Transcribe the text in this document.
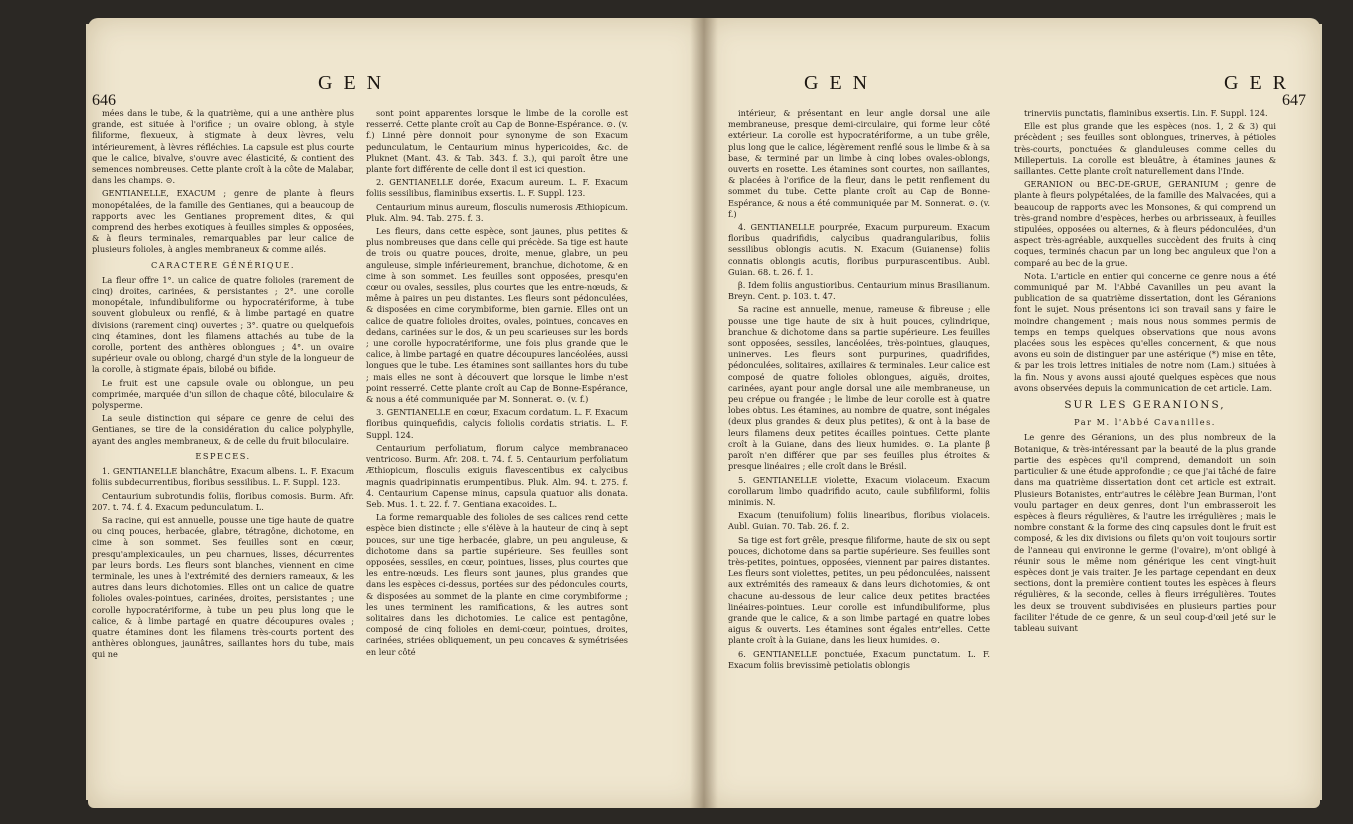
646
G E N

mées dans le tube, & la quatrième, qui a une anthère plus grande, est située à l'orifice ; un ovaire oblong, à style filiforme, flexueux, à stigmate à deux lèvres, velu intérieurement, à lèvres réfléchies. La capsule est plus courte que le calice, bivalve, s'ouvre avec élasticité, & contient des semences nombreuses. Cette plante croît à la côte de Malabar, dans les champs. ⊙.

GENTIANELLE, EXACUM ; genre de plante à fleurs monopétalées, de la famille des Gentianes, qui a beaucoup de rapports avec les Gentianes proprement dites, & qui comprend des herbes exotiques à feuilles simples & opposées, & à fleurs terminales, remarquables par leur calice de plusieurs folioles, à angles membraneux & comme ailés.

CARACTERE GÉNÉRIQUE.

La fleur offre 1°. un calice de quatre folioles (rarement de cinq) droites, carinées, & persistantes ; 2°. une corolle monopétale, infundibuliforme ou hypocratériforme, à tube souvent globuleux ou renflé, & à limbe partagé en quatre divisions (rarement cinq) ouvertes ; 3°. quatre ou quelquefois cinq étamines, dont les filamens attachés au tube de la corolle, portent des anthères oblongues ; 4°. un ovaire supérieur ovale ou oblong, chargé d'un style de la longueur de la corolle, à stigmate épais, bilobé ou bifide.

Le fruit est une capsule ovale ou oblongue, un peu comprimée, marquée d'un sillon de chaque côté, biloculaire & polysperme.

La seule distinction qui sépare ce genre de celui des Gentianes, se tire de la considération du calice polyphylle, ayant des angles membraneux, & de celle du fruit biloculaire.

ESPECES.

1. GENTIANELLE blanchâtre, Exacum albens. L. F. Exacum foliis subdecurrentibus, floribus sessilibus. L. F. Suppl. 123.

Centaurium subrotundis foliis, floribus comosis. Burm. Afr. 207. t. 74. f. 4. Exacum pedunculatum. L.

Sa racine, qui est annuelle, pousse une tige haute de quatre ou cinq pouces, herbacée, glabre, tétragône, dichotome, en cime à son sommet. Ses feuilles sont en cœur, presqu'amplexicaules, un peu charnues, lisses, décurrentes par leurs bords. Les fleurs sont blanches, viennent en cime terminale, les unes à l'extrémité des derniers rameaux, & les autres dans leurs dichotomies. Elles ont un calice de quatre folioles ovales-pointues, carinées, droites, persistantes ; une corolle hypocratériforme, à tube un peu plus long que le calice, & à limbe partagé en quatre découpures ovales ; quatre étamines dont les filamens très-courts portent des anthères oblongues, jaunâtres, saillantes hors du tube, mais qui ne

sont point apparentes lorsque le limbe de la corolle est resserré. Cette plante croît au Cap de Bonne-Espérance. ⊙. (v. f.) Linné père donnoit pour synonyme de son Exacum pedunculatum, le Centaurium minus hypericoides, &c. de Pluknet (Mant. 43. & Tab. 343. f. 3.), qui paroît être une plante fort différente de celle dont il est ici question.

2. GENTIANELLE dorée, Exacum aureum. L. F. Exacum foliis sessilibus, flaminibus exsertis. L. F. Suppl. 123.

Centaurium minus aureum, flosculis numerosis Æthiopicum. Pluk. Alm. 94. Tab. 275. f. 3.

Les fleurs, dans cette espèce, sont jaunes, plus petites & plus nombreuses que dans celle qui précède. Sa tige est haute de trois ou quatre pouces, droite, menue, glabre, un peu anguleuse, simple inférieurement, branchue, dichotome, & en cime à son sommet. Les feuilles sont opposées, presqu'en cœur ou ovales, sessiles, plus courtes que les entre-nœuds, & même à paires un peu distantes. Les fleurs sont pédonculées, & disposées en cime corymbiforme, bien garnie. Elles ont un calice de quatre folioles droites, ovales, pointues, concaves en dedans, carinées sur le dos, & un peu scarieuses sur les bords ; une corolle hypocratériforme, une fois plus grande que le calice, à limbe partagé en quatre découpures lancéolées, aussi longues que le tube. Les étamines sont saillantes hors du tube ; mais elles ne sont à découvert que lorsque le limbe n'est point resserré. Cette plante croît au Cap de Bonne-Espérance, & nous a été communiquée par M. Sonnerat. ⊙. (v. f.)

3. GENTIANELLE en cœur, Exacum cordatum. L. F. Exacum floribus quinquefidis, calycis foliolis cordatis striatis. L. F. Suppl. 124.

Centaurium perfoliatum, florum calyce membranaceo ventricoso. Burm. Afr. 208. t. 74. f. 5. Centaurium perfoliatum Æthiopicum, flosculis exiguis flavescentibus ex calycibus magnis quadripinnatis erumpentibus. Pluk. Alm. 94. t. 275. f. 4. Centaurium Capense minus, capsula quatuor alis donata. Seb. Mus. 1. t. 22. f. 7. Gentiana exacoides. L.

La forme remarquable des folioles de ses calices rend cette espèce bien distincte ; elle s'élève à la hauteur de cinq à sept pouces, sur une tige herbacée, glabre, un peu anguleuse, & dichotome dans sa partie supérieure. Ses feuilles sont opposées, sessiles, en cœur, pointues, lisses, plus courtes que les entre-nœuds. Les fleurs sont jaunes, plus grandes que dans les espèces ci-dessus, portées sur des pédoncules courts, & disposées au sommet de la plante en cime corymbiforme ; les unes terminent les ramifications, & les autres sont solitaires dans les dichotomies. Le calice est pentagône, composé de cinq folioles en demi-cœur, pointues, droites, carinées, striées obliquement, un peu concaves & symétrisées en leur côté

G E N	G E R
647

intérieur, & présentant en leur angle dorsal une aile membraneuse, presque demi-circulaire, qui forme leur côté extérieur. La corolle est hypocratériforme, a un tube grêle, plus long que le calice, légèrement renflé sous le limbe & à sa base, & terminé par un limbe à cinq lobes ovales-oblongs, ouverts en rosette. Les étamines sont courtes, non saillantes, & placées à l'orifice de la fleur, dans le petit renflement du sommet du tube. Cette plante croît au Cap de Bonne-Espérance, & nous a été communiquée par M. Sonnerat. ⊙. (v. f.)

4. GENTIANELLE pourprée, Exacum purpureum. Exacum floribus quadrifidis, calycibus quadrangularibus, foliis sessilibus oblongis acutis. N. Exacum (Guianense) foliis connatis oblongis acutis, floribus purpurascentibus. Aubl. Guian. 68. t. 26. f. 1.

β. Idem foliis angustioribus. Centaurium minus Brasilianum. Breyn. Cent. p. 103. t. 47.

Sa racine est annuelle, menue, rameuse & fibreuse ; elle pousse une tige haute de six à huit pouces, cylindrique, branchue & dichotome dans sa partie supérieure. Les feuilles sont opposées, sessiles, lancéolées, très-pointues, glauques, uninerves. Les fleurs sont purpurines, quadrifides, pédonculées, solitaires, axillaires & terminales. Leur calice est composé de quatre folioles oblongues, aiguës, droites, carinées, ayant pour angle dorsal une aile membraneuse, un peu crépue ou frangée ; le limbe de leur corolle est à quatre lobes obtus. Les étamines, au nombre de quatre, sont inégales (deux plus grandes & deux plus petites), & ont à la base de leurs filamens deux petites écailles pointues. Cette plante croît à la Guiane, dans des lieux humides. ⊙. La plante β paroît n'en différer que par ses feuilles plus étroites & presque linéaires ; elle croît dans le Brésil.

5. GENTIANELLE violette, Exacum violaceum. Exacum corollarum limbo quadrifido acuto, caule subfiliformi, foliis minimis. N.

Exacum (tenuifolium) foliis linearibus, floribus violaceis. Aubl. Guian. 70. Tab. 26. f. 2.

Sa tige est fort grêle, presque filiforme, haute de six ou sept pouces, dichotome dans sa partie supérieure. Ses feuilles sont très-petites, pointues, opposées, viennent par paires distantes. Les fleurs sont violettes, petites, un peu pédonculées, naissent aux extrémités des rameaux & dans leurs dichotomies, & ont chacune au-dessous de leur calice deux petites bractées linéaires-pointues. Leur corolle est infundibuliforme, plus grande que le calice, & a son limbe partagé en quatre lobes aigus & ouverts. Les étamines sont égales entr'elles. Cette plante croît à la Guiane, dans les lieux humides. ⊙.

6. GENTIANELLE ponctuée, Exacum punctatum. L. F. Exacum foliis brevissimè petiolatis oblongis

trinerviis punctatis, flaminibus exsertis. Lin. F. Suppl. 124.

Elle est plus grande que les espèces (nos. 1, 2 & 3) qui précèdent ; ses feuilles sont oblongues, trinerves, à pétioles très-courts, ponctuées & glanduleuses comme celles du Millepertuis. La corolle est bleuâtre, à étamines jaunes & saillantes. Cette plante croît naturellement dans l'Inde.

GERANION ou BEC-DE-GRUE, GERANIUM ; genre de plante à fleurs polypétalées, de la famille des Malvacées, qui a beaucoup de rapports avec les Monsones, & qui comprend un très-grand nombre d'espèces, herbes ou arbrisseaux, à feuilles stipulées, opposées ou alternes, & à fleurs pédonculées, d'un aspect très-agréable, auxquelles succèdent des fruits à cinq coques, terminés chacun par un long bec anguleux que l'on a comparé au bec de la grue.

Nota. L'article en entier qui concerne ce genre nous a été communiqué par M. l'Abbé Cavanilles un peu avant la publication de sa quatrième dissertation, dont les Géranions font le sujet. Nous présentons ici son travail sans y faire le moindre changement ; mais nous nous sommes permis de temps en temps quelques observations que nous avons placées sous les espèces qu'elles concernent, & que nous avons eu soin de distinguer par une astérique (*) mise en tête, & par les trois lettres initiales de notre nom (Lam.) situées à la fin. Nous y avons aussi ajouté quelques espèces que nous avons observées depuis la communication de cet article. Lam.

SUR LES GERANIONS,

Par M. l'Abbé Cavanilles.

Le genre des Géranions, un des plus nombreux de la Botanique, & très-intéressant par la beauté de la plus grande partie des espèces qu'il comprend, demandoit un soin particulier & une étude approfondie ; ce que j'ai tâché de faire dans ma quatrième dissertation dont cet article est extrait. Plusieurs Botanistes, entr'autres le célèbre Jean Burman, l'ont voulu partager en deux genres, dont l'un embrasseroit les espèces à fleurs régulières, & l'autre les irrégulières ; mais le nombre constant & la forme des cinq capsules dont le fruit est composé, & les dix divisions ou filets qu'on voit toujours sortir de l'anneau qui environne le germe (l'ovaire), m'ont obligé à réunir sous le même nom générique les cent vingt-huit espèces dont je vais traiter. Je les partage cependant en deux sections, dont la première contient toutes les espèces à fleurs régulières, & la seconde, celles à fleurs irrégulières. Toutes les deux se trouvent subdivisées en plusieurs parties pour faciliter l'étude de ce genre, & un seul coup-d'œil jeté sur le tableau suivant
